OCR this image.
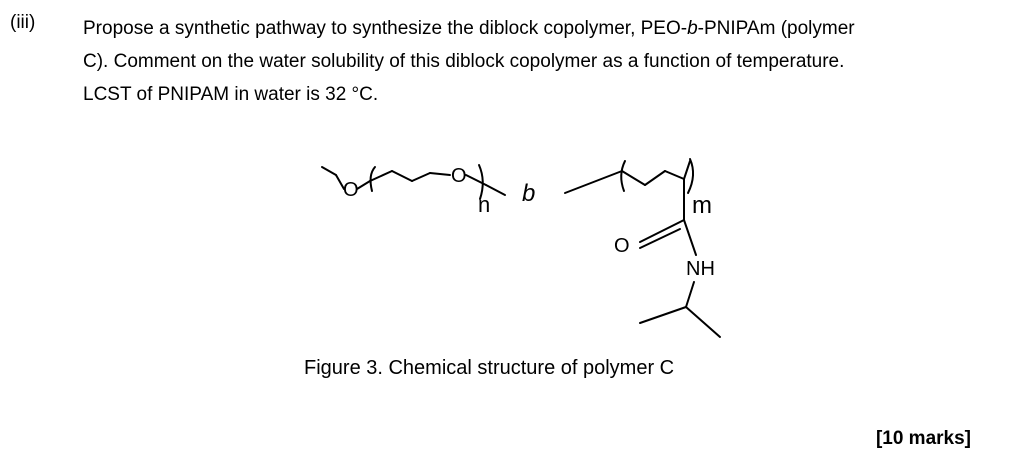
(iii)	Propose a synthetic pathway to synthesize the diblock copolymer, PEO-b-PNIPAm (polymer
C). Comment on the water solubility of this diblock copolymer as a function of temperature.
LCST of PNIPAM in water is 32 °C.
O
O
n b	m
O
NH
Figure 3. Chemical structure of polymer C
[10 marks]
